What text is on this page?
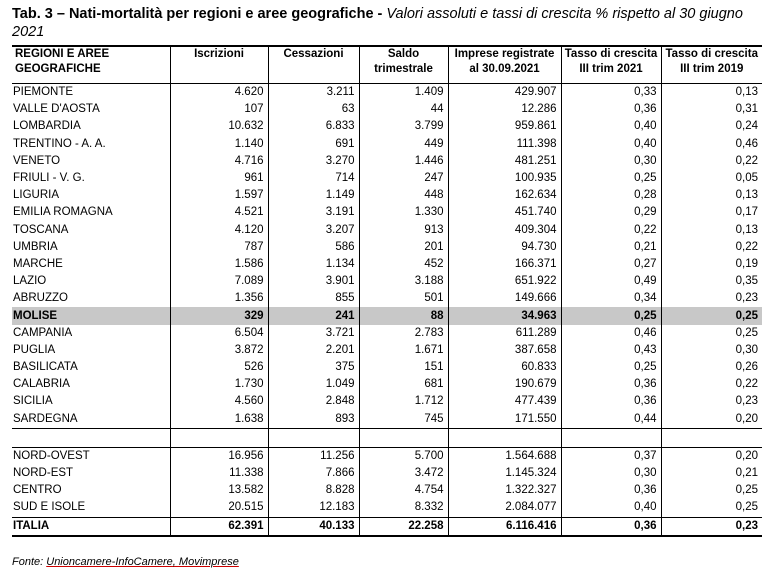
Tab. 3 – Nati-mortalità per regioni e aree geografiche - Valori assoluti e tassi di crescita % rispetto al 30 giugno 2021
REGIONI E AREE GEOGRAFICHE	Iscrizioni	Cessazioni	Saldo trimestrale	Imprese registrate al 30.09.2021	Tasso di crescita III trim 2021	Tasso di crescita III trim 2019
PIEMONTE	4.620	3.211	1.409	429.907	0,33	0,13
VALLE D'AOSTA	107	63	44	12.286	0,36	0,31
LOMBARDIA	10.632	6.833	3.799	959.861	0,40	0,24
TRENTINO - A. A.	1.140	691	449	111.398	0,40	0,46
VENETO	4.716	3.270	1.446	481.251	0,30	0,22
FRIULI - V. G.	961	714	247	100.935	0,25	0,05
LIGURIA	1.597	1.149	448	162.634	0,28	0,13
EMILIA ROMAGNA	4.521	3.191	1.330	451.740	0,29	0,17
TOSCANA	4.120	3.207	913	409.304	0,22	0,13
UMBRIA	787	586	201	94.730	0,21	0,22
MARCHE	1.586	1.134	452	166.371	0,27	0,19
LAZIO	7.089	3.901	3.188	651.922	0,49	0,35
ABRUZZO	1.356	855	501	149.666	0,34	0,23
MOLISE	329	241	88	34.963	0,25	0,25
CAMPANIA	6.504	3.721	2.783	611.289	0,46	0,25
PUGLIA	3.872	2.201	1.671	387.658	0,43	0,30
BASILICATA	526	375	151	60.833	0,25	0,26
CALABRIA	1.730	1.049	681	190.679	0,36	0,22
SICILIA	4.560	2.848	1.712	477.439	0,36	0,23
SARDEGNA	1.638	893	745	171.550	0,44	0,20

NORD-OVEST	16.956	11.256	5.700	1.564.688	0,37	0,20
NORD-EST	11.338	7.866	3.472	1.145.324	0,30	0,21
CENTRO	13.582	8.828	4.754	1.322.327	0,36	0,25
SUD E ISOLE	20.515	12.183	8.332	2.084.077	0,40	0,25
ITALIA	62.391	40.133	22.258	6.116.416	0,36	0,23
Fonte: Unioncamere-InfoCamere, Movimprese
